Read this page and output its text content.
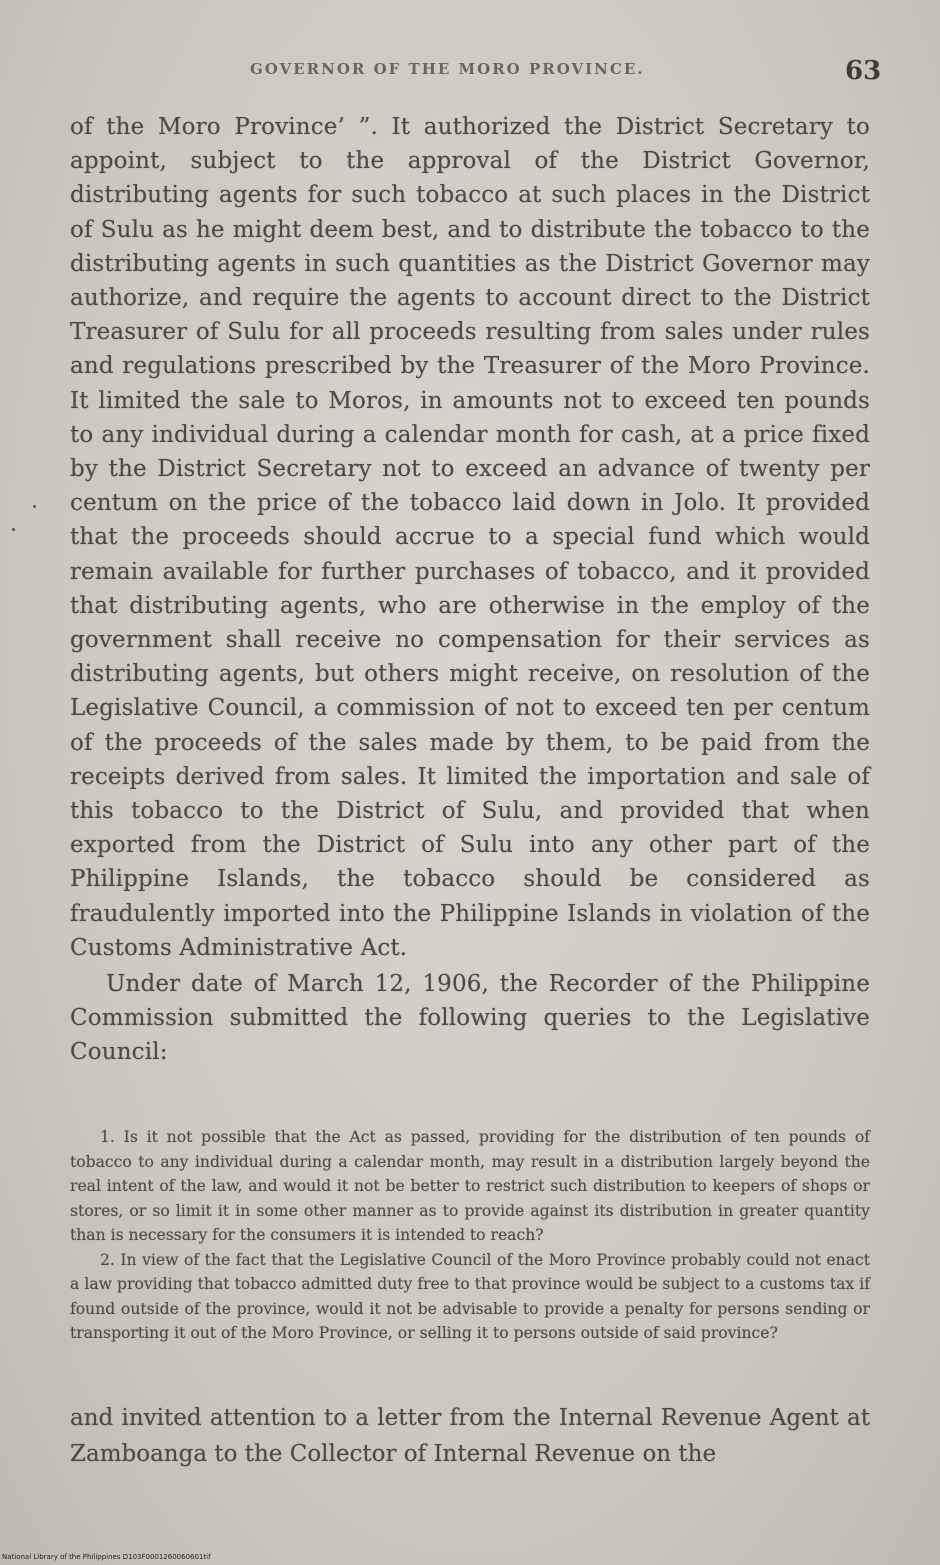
GOVERNOR OF THE MORO PROVINCE.	63

of the Moro Province’ ”. It authorized the District Secretary to appoint, subject to the approval of the District Governor, distributing agents for such tobacco at such places in the District of Sulu as he might deem best, and to distribute the tobacco to the distributing agents in such quantities as the District Governor may authorize, and require the agents to account direct to the District Treasurer of Sulu for all proceeds resulting from sales under rules and regulations prescribed by the Treasurer of the Moro Province. It limited the sale to Moros, in amounts not to exceed ten pounds to any individual during a calendar month for cash, at a price fixed by the District Secretary not to exceed an advance of twenty per centum on the price of the tobacco laid down in Jolo. It provided that the proceeds should accrue to a special fund which would remain available for further purchases of tobacco, and it provided that distributing agents, who are otherwise in the employ of the government shall receive no compensation for their services as distributing agents, but others might receive, on resolution of the Legislative Council, a commission of not to exceed ten per centum of the proceeds of the sales made by them, to be paid from the receipts derived from sales. It limited the importation and sale of this tobacco to the District of Sulu, and provided that when exported from the District of Sulu into any other part of the Philippine Islands, the tobacco should be considered as fraudulently imported into the Philippine Islands in violation of the Customs Administrative Act.

Under date of March 12, 1906, the Recorder of the Philippine Commission submitted the following queries to the Legislative Council:

1. Is it not possible that the Act as passed, providing for the distribution of ten pounds of tobacco to any individual during a calendar month, may result in a distribution largely beyond the real intent of the law, and would it not be better to restrict such distribution to keepers of shops or stores, or so limit it in some other manner as to provide against its distribution in greater quantity than is necessary for the consumers it is intended to reach?

2. In view of the fact that the Legislative Council of the Moro Province probably could not enact a law providing that tobacco admitted duty free to that province would be subject to a customs tax if found outside of the province, would it not be advisable to provide a penalty for persons sending or transporting it out of the Moro Province, or selling it to persons outside of said province?

and invited attention to a letter from the Internal Revenue Agent at Zamboanga to the Collector of Internal Revenue on the

National Library of the Philippines D103F0001260060601tif
